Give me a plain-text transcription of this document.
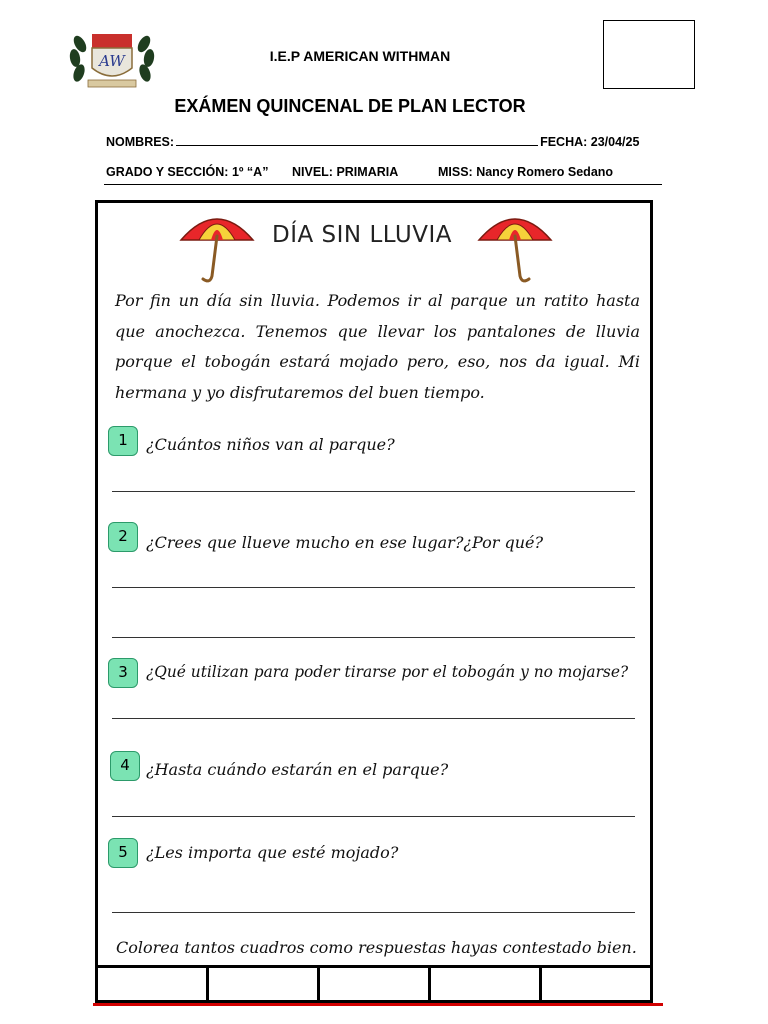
AW	I.E.P AMERICAN WITHMAN
EXÁMEN QUINCENAL DE PLAN LECTOR
NOMBRES:	FECHA: 23/04/25
GRADO Y SECCIÓN: 1º “A” NIVEL: PRIMARIA	MISS: Nancy Romero Sedano
DÍA SIN LLUVIA
Por fin un día sin lluvia. Podemos ir al parque un ratito hasta que anochezca. Tenemos que llevar los pantalones de lluvia porque el tobogán estará mojado pero, eso, nos da igual. Mi hermana y yo disfrutaremos del buen tiempo.
1	¿Cuántos niños van al parque?
2	¿Crees que llueve mucho en ese lugar?¿Por qué?
3	¿Qué utilizan para poder tirarse por el tobogán y no mojarse?
4	¿Hasta cuándo estarán en el parque?
5	¿Les importa que esté mojado?
Colorea tantos cuadros como respuestas hayas contestado bien.
